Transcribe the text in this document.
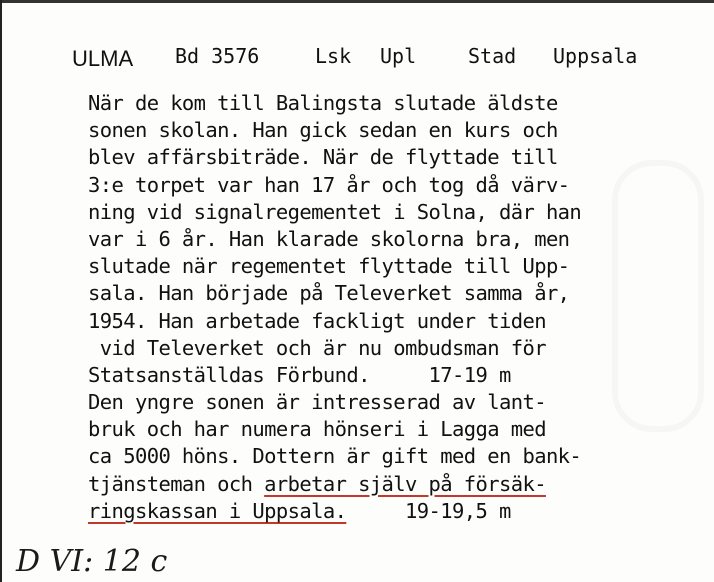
ULMA Bd 3576	Lsk Upl	Stad Uppsala
När de kom till Balingsta slutade äldste
sonen skolan. Han gick sedan en kurs och
blev affärsbiträde. När de flyttade till
3:e torpet var han 17 år och tog då värv-
ning vid signalregementet i Solna, där han
var i 6 år. Han klarade skolorna bra, men
slutade när regementet flyttade till Upp-
sala. Han började på Televerket samma år,
1954. Han arbetade fackligt under tiden
vid Televerket och är nu ombudsman för
Statsanställdas Förbund.     17-19 m
Den yngre sonen är intresserad av lant-
bruk och har numera hönseri i Lagga med
ca 5000 höns. Dottern är gift med en bank-
tjänsteman och arbetar själv på försäk-
ringskassan i Uppsala.     19-19,5 m
D VI: 12 c
